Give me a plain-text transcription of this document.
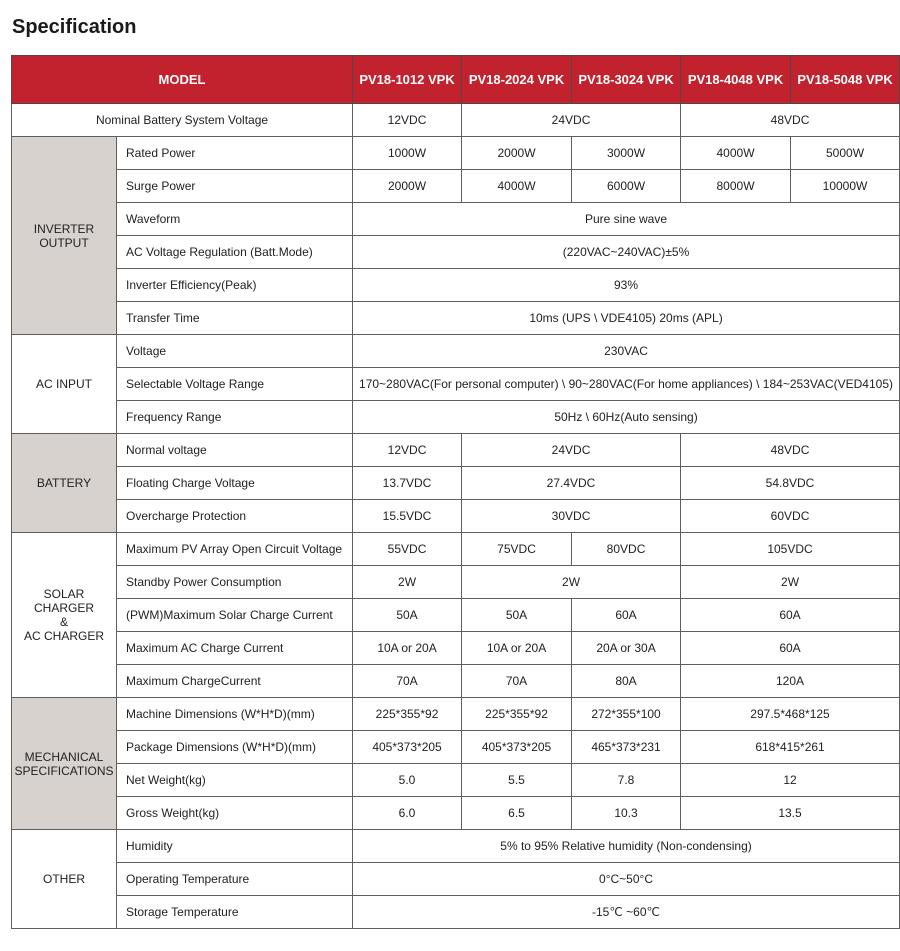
Specification
MODEL		PV18-1012 VPK	PV18-2024 VPK	PV18-3024 VPK	PV18-4048 VPK	PV18-5048 VPK
Nominal Battery System Voltage		12VDC	24VDC		48VDC	
INVERTER
OUTPUT	Rated Power	1000W	2000W	3000W	4000W	5000W
	Surge Power	2000W	4000W	6000W	8000W	10000W
	Waveform	Pure sine wave				
	AC Voltage Regulation (Batt.Mode)	(220VAC~240VAC)±5%				
	Inverter Efficiency(Peak)	93%				
	Transfer Time	10ms (UPS \ VDE4105) 20ms (APL)				
AC INPUT	Voltage	230VAC				
	Selectable Voltage Range	170~280VAC(For personal computer) \ 90~280VAC(For home appliances) \ 184~253VAC(VED4105)				
	Frequency Range	50Hz \ 60Hz(Auto sensing)				
BATTERY	Normal voltage	12VDC	24VDC		48VDC	
	Floating Charge Voltage	13.7VDC	27.4VDC		54.8VDC	
	Overcharge Protection	15.5VDC	30VDC		60VDC	
SOLAR CHARGER
&
AC CHARGER	Maximum PV Array Open Circuit Voltage	55VDC	75VDC	80VDC	105VDC	
	Standby Power Consumption	2W	2W		2W	
	(PWM)Maximum Solar Charge Current	50A	50A	60A	60A	
	Maximum AC Charge Current	10A or 20A	10A or 20A	20A or 30A	60A	
	Maximum ChargeCurrent	70A	70A	80A	120A	
MECHANICAL
SPECIFICATIONS	Machine Dimensions (W*H*D)(mm)	225*355*92	225*355*92	272*355*100	297.5*468*125	
	Package Dimensions (W*H*D)(mm)	405*373*205	405*373*205	465*373*231	618*415*261	
	Net Weight(kg)	5.0	5.5	7.8	12	
	Gross Weight(kg)	6.0	6.5	10.3	13.5	
OTHER	Humidity	5% to 95% Relative humidity (Non-condensing)				
	Operating Temperature	0°C~50°C				
	Storage Temperature	-15℃ ~60℃				
